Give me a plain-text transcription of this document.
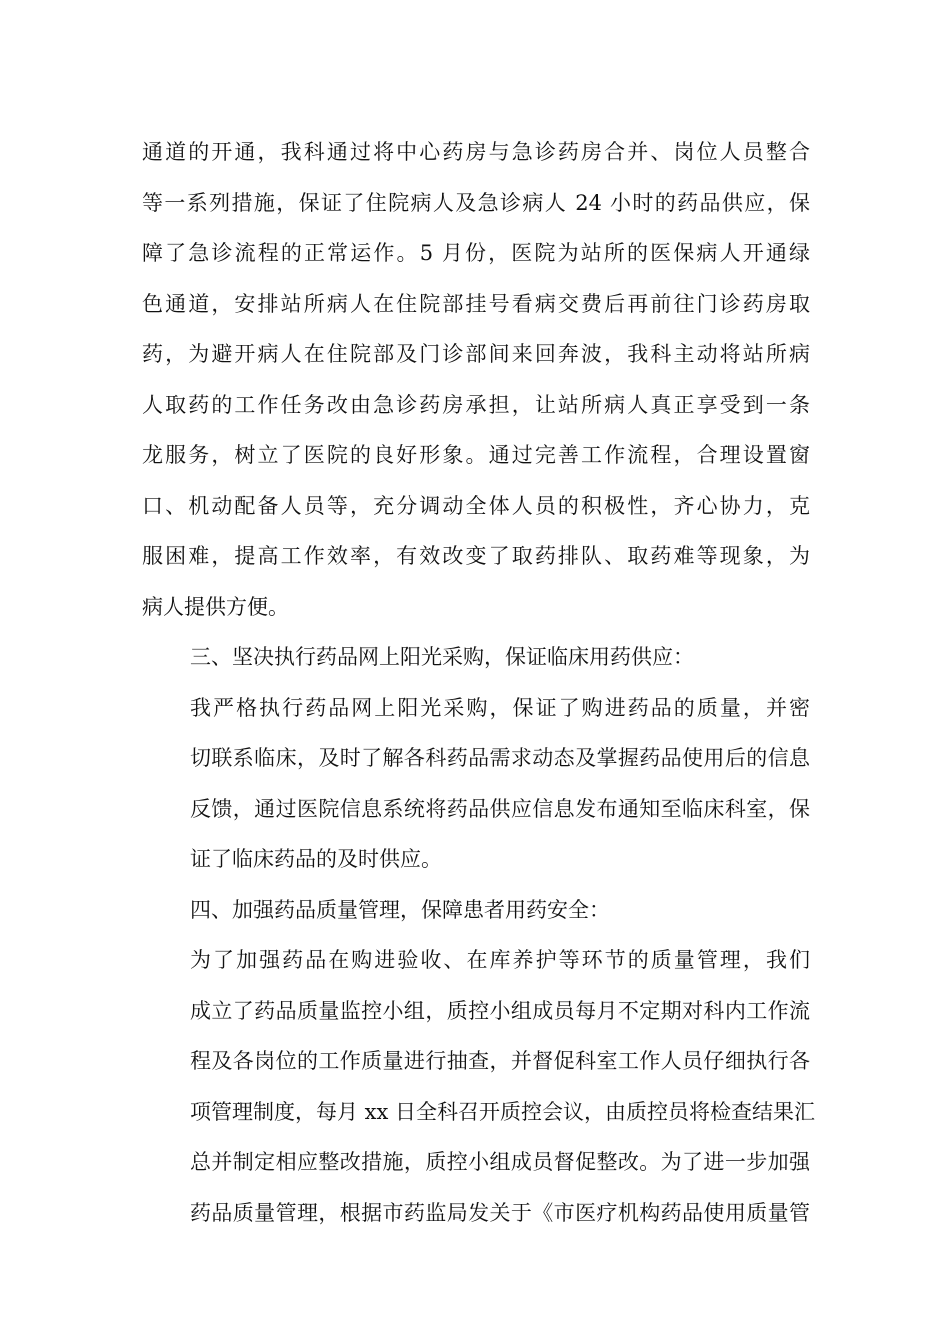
通道的开通，我科通过将中心药房与急诊药房合并、岗位人员整合
等一系列措施，保证了住院病人及急诊病人 24 小时的药品供应，保
障了急诊流程的正常运作。5 月份，医院为站所的医保病人开通绿
色通道，安排站所病人在住院部挂号看病交费后再前往门诊药房取
药，为避开病人在住院部及门诊部间来回奔波，我科主动将站所病
人取药的工作任务改由急诊药房承担，让站所病人真正享受到一条
龙服务，树立了医院的良好形象。通过完善工作流程，合理设置窗
口、机动配备人员等，充分调动全体人员的积极性，齐心协力，克
服困难，提高工作效率，有效改变了取药排队、取药难等现象，为
病人提供方便。

三、坚决执行药品网上阳光采购，保证临床用药供应：

我严格执行药品网上阳光采购，保证了购进药品的质量，并密
切联系临床，及时了解各科药品需求动态及掌握药品使用后的信息
反馈，通过医院信息系统将药品供应信息发布通知至临床科室，保
证了临床药品的及时供应。

四、加强药品质量管理，保障患者用药安全：

为了加强药品在购进验收、在库养护等环节的质量管理，我们
成立了药品质量监控小组，质控小组成员每月不定期对科内工作流
程及各岗位的工作质量进行抽查，并督促科室工作人员仔细执行各
项管理制度，每月 xx 日全科召开质控会议，由质控员将检查结果汇
总并制定相应整改措施，质控小组成员督促整改。为了进一步加强
药品质量管理，根据市药监局发关于《市医疗机构药品使用质量管
